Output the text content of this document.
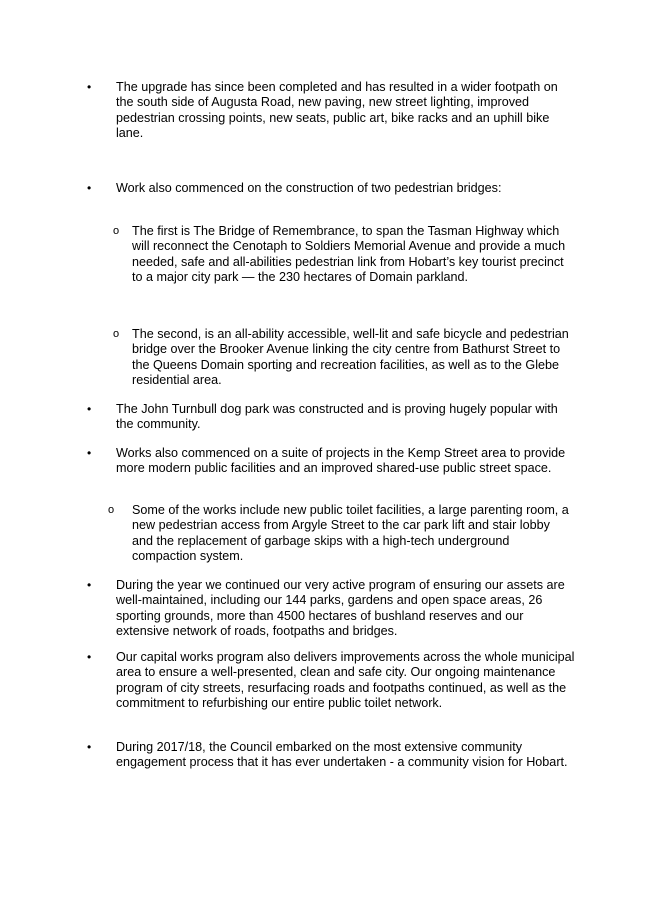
• The upgrade has since been completed and has resulted in a wider footpath on the south side of Augusta Road, new paving, new street lighting, improved pedestrian crossing points, new seats, public art, bike racks and an uphill bike lane.

• Work also commenced on the construction of two pedestrian bridges:

o The first is The Bridge of Remembrance, to span the Tasman Highway which will reconnect the Cenotaph to Soldiers Memorial Avenue and provide a much needed, safe and all-abilities pedestrian link from Hobart’s key tourist precinct to a major city park — the 230 hectares of Domain parkland.

o The second, is an all-ability accessible, well-lit and safe bicycle and pedestrian bridge over the Brooker Avenue linking the city centre from Bathurst Street to the Queens Domain sporting and recreation facilities, as well as to the Glebe residential area.

• The John Turnbull dog park was constructed and is proving hugely popular with the community.

• Works also commenced on a suite of projects in the Kemp Street area to provide more modern public facilities and an improved shared-use public street space.

o Some of the works include new public toilet facilities, a large parenting room, a new pedestrian access from Argyle Street to the car park lift and stair lobby and the replacement of garbage skips with a high-tech underground compaction system.

• During the year we continued our very active program of ensuring our assets are well-maintained, including our 144 parks, gardens and open space areas, 26 sporting grounds, more than 4500 hectares of bushland reserves and our extensive network of roads, footpaths and bridges.

• Our capital works program also delivers improvements across the whole municipal area to ensure a well-presented, clean and safe city. Our ongoing maintenance program of city streets, resurfacing roads and footpaths continued, as well as the commitment to refurbishing our entire public toilet network.

• During 2017/18, the Council embarked on the most extensive community engagement process that it has ever undertaken - a community vision for Hobart.
